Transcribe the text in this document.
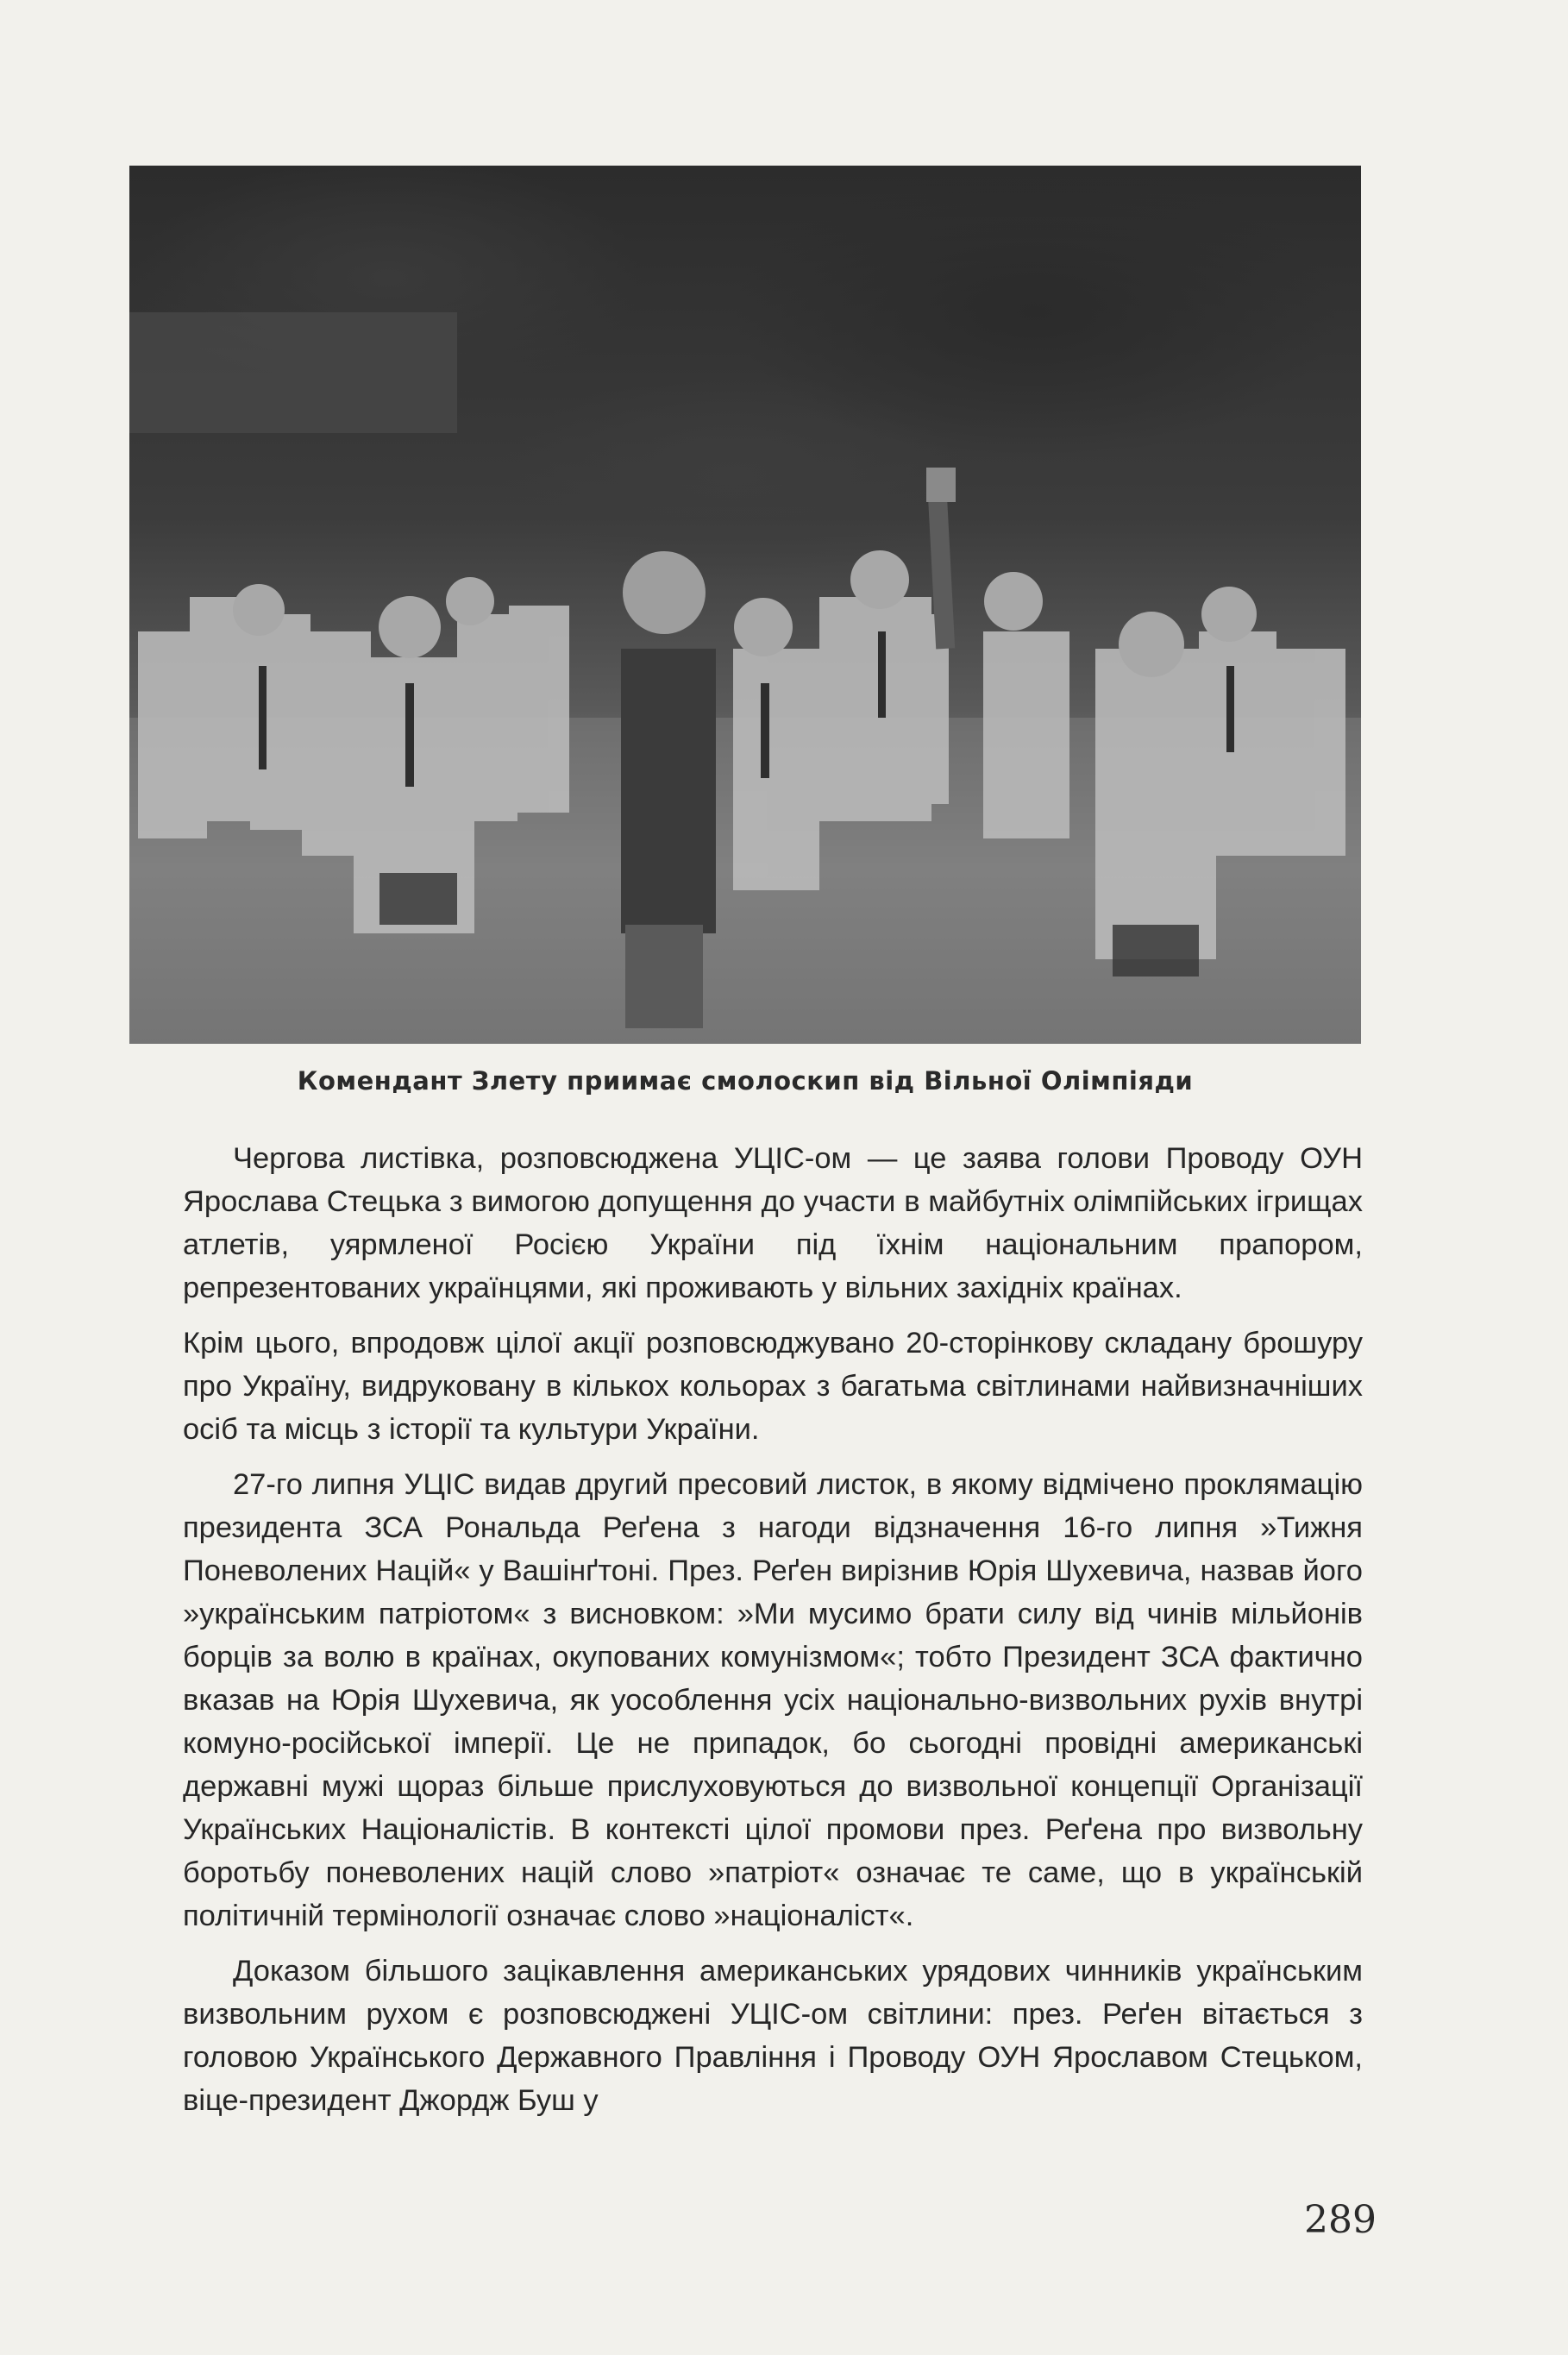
Комендант Злету приимає смолоскип від Вільної Олімпіяди

Чергова листівка, розповсюджена УЦІС-ом — це заява голови Проводу ОУН Ярослава Стецька з вимогою допущення до участи в майбутніх олімпійських ігрищах атлетів, уярмленої Росією України під їхнім національним прапором, репрезентованих українцями, які проживають у вільних західніх країнах.

Крім цього, впродовж цілої акції розповсюджувано 20-сторінкову складану брошуру про Україну, видруковану в кількох кольорах з багатьма світлинами найвизначніших осіб та місць з історії та культури України.

27-го липня УЦІС видав другий пресовий листок, в якому відмічено проклямацію президента ЗСА Рональда Реґена з нагоди відзначення 16-го липня »Тижня Поневолених Націй« у Вашінґтоні. През. Реґен вирізнив Юрія Шухевича, назвав його »українським патріотом« з висновком: »Ми мусимо брати силу від чинів мільйонів борців за волю в країнах, окупованих комунізмом«; тобто Президент ЗСА фактично вказав на Юрія Шухевича, як уособлення усіх національно-визвольних рухів внутрі комуно-російської імперії. Це не припадок, бо сьогодні провідні американські державні мужі щораз більше прислуховуються до визвольної концепції Організації Українських Націоналістів. В контексті цілої промови през. Реґена про визвольну боротьбу поневолених націй слово »патріот« означає те саме, що в українській політичній термінології означає слово »націоналіст«.

Доказом більшого зацікавлення американських урядових чинників українським визвольним рухом є розповсюджені УЦІС-ом світлини: през. Реґен вітається з головою Українського Державного Правління і Проводу ОУН Ярославом Стецьком, віце-президент Джордж Буш у

289
